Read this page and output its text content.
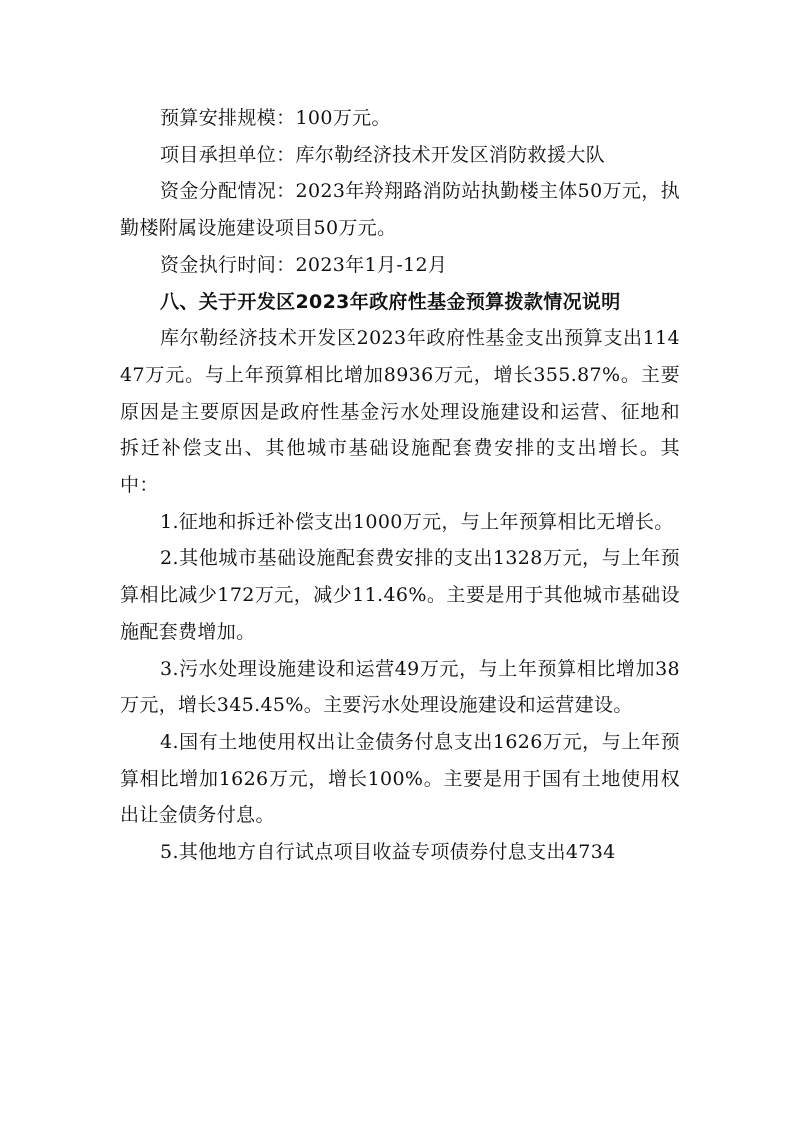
预算安排规模：100万元。

项目承担单位：库尔勒经济技术开发区消防救援大队

资金分配情况：2023年羚翔路消防站执勤楼主体50万元，执勤楼附属设施建设项目50万元。

资金执行时间：2023年1月-12月

八、关于开发区2023年政府性基金预算拨款情况说明

库尔勒经济技术开发区2023年政府性基金支出预算支出11447万元。与上年预算相比增加8936万元，增长355.87%。主要原因是主要原因是政府性基金污水处理设施建设和运营、征地和拆迁补偿支出、其他城市基础设施配套费安排的支出增长。其中：

1.征地和拆迁补偿支出1000万元，与上年预算相比无增长。

2.其他城市基础设施配套费安排的支出1328万元，与上年预算相比减少172万元，减少11.46%。主要是用于其他城市基础设施配套费增加。

3.污水处理设施建设和运营49万元，与上年预算相比增加38万元，增长345.45%。主要污水处理设施建设和运营建设。

4.国有土地使用权出让金债务付息支出1626万元，与上年预算相比增加1626万元，增长100%。主要是用于国有土地使用权出让金债务付息。

5.其他地方自行试点项目收益专项债券付息支出4734
